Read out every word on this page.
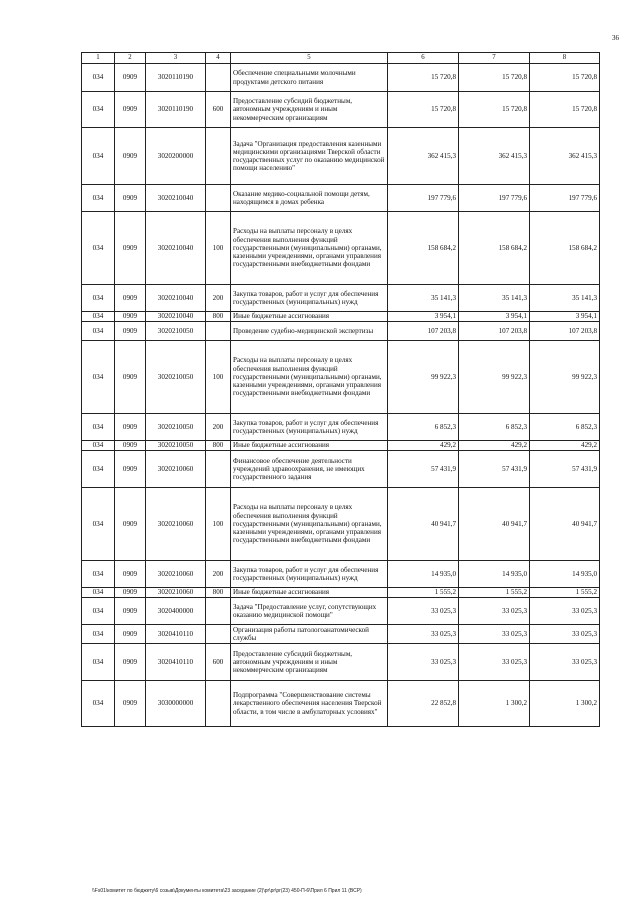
36
1	2	3	4	5	6	7	8
034	0909	3020110190		Обеспечение специальными молочными продуктами детского питания	15 720,8	15 720,8	15 720,8
034	0909	3020110190	600	Предоставление субсидий бюджетным, автономным учреждениям и иным некоммерческим организациям	15 720,8	15 720,8	15 720,8
034	0909	3020200000		Задача "Организация предоставления казенными медицинскими организациями Тверской области государственных услуг по оказанию медицинской помощи населению"	362 415,3	362 415,3	362 415,3
034	0909	3020210040		Оказание медико-социальной помощи детям, находящимся в домах ребенка	197 779,6	197 779,6	197 779,6
034	0909	3020210040	100	Расходы на выплаты персоналу в целях обеспечения выполнения функций государственными (муниципальными) органами, казенными учреждениями, органами управления государственными внебюджетными фондами	158 684,2	158 684,2	158 684,2
034	0909	3020210040	200	Закупка товаров, работ и услуг для обеспечения государственных (муниципальных) нужд	35 141,3	35 141,3	35 141,3
034	0909	3020210040	800	Иные бюджетные ассигнования	3 954,1	3 954,1	3 954,1
034	0909	3020210050		Проведение судебно-медицинской экспертизы	107 203,8	107 203,8	107 203,8
034	0909	3020210050	100	Расходы на выплаты персоналу в целях обеспечения выполнения функций государственными (муниципальными) органами, казенными учреждениями, органами управления государственными внебюджетными фондами	99 922,3	99 922,3	99 922,3
034	0909	3020210050	200	Закупка товаров, работ и услуг для обеспечения государственных (муниципальных) нужд	6 852,3	6 852,3	6 852,3
034	0909	3020210050	800	Иные бюджетные ассигнования	429,2	429,2	429,2
034	0909	3020210060		Финансовое обеспечение деятельности учреждений здравоохранения, не имеющих государственного задания	57 431,9	57 431,9	57 431,9
034	0909	3020210060	100	Расходы на выплаты персоналу в целях обеспечения выполнения функций государственными (муниципальными) органами, казенными учреждениями, органами управления государственными внебюджетными фондами	40 941,7	40 941,7	40 941,7
034	0909	3020210060	200	Закупка товаров, работ и услуг для обеспечения государственных (муниципальных) нужд	14 935,0	14 935,0	14 935,0
034	0909	3020210060	800	Иные бюджетные ассигнования	1 555,2	1 555,2	1 555,2
034	0909	3020400000		Задача "Предоставление услуг, сопутствующих оказанию медицинской помощи"	33 025,3	33 025,3	33 025,3
034	0909	3020410110		Организация работы патологоанатомической службы	33 025,3	33 025,3	33 025,3
034	0909	3020410110	600	Предоставление субсидий бюджетным, автономным учреждениям и иным некоммерческим организациям	33 025,3	33 025,3	33 025,3
034	0909	3030000000		Подпрограмма "Совершенствование системы лекарственного обеспечения населения Тверской области, в том числе в амбулаторных условиях"	22 852,8	1 300,2	1 300,2
\\Fs01\комитет по бюджету\6 созыв\Документы комитета\23 заседание (2)\pr\pr\pr(23) 450-П-6\Прил 6 Прил 11 (ВСР)
